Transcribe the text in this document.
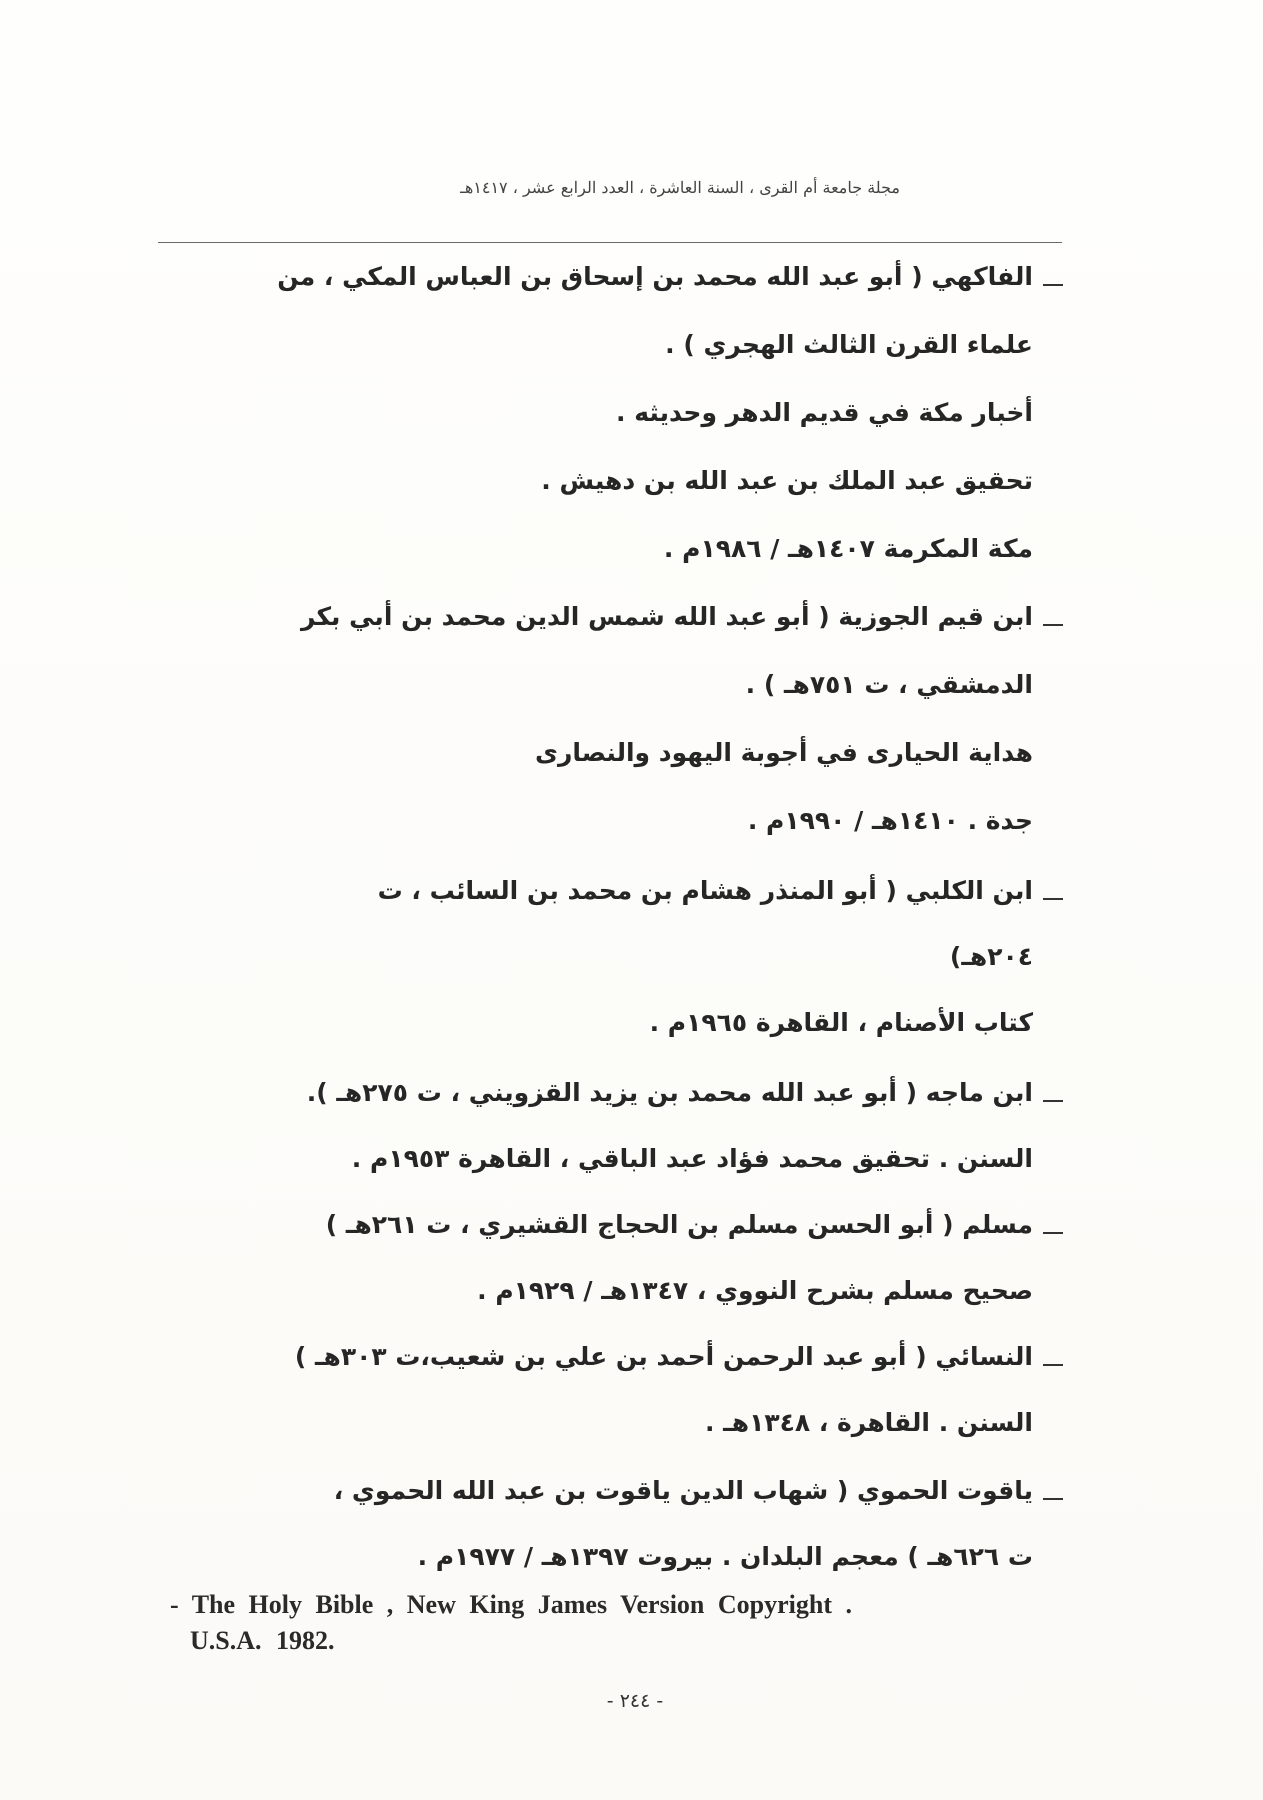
مجلة جامعة أم القرى ، السنة العاشرة ، العدد الرابع عشر ، ١٤١٧هـ
الفاكهي ( أبو عبد الله محمد بن إسحاق بن العباس المكي ، من
علماء القرن الثالث الهجري ) .
أخبار مكة في قديم الدهر وحديثه .
تحقيق عبد الملك بن عبد الله بن دهيش .
مكة المكرمة ١٤٠٧هـ / ١٩٨٦م .
ابن قيم الجوزية ( أبو عبد الله شمس الدين محمد بن أبي بكر
الدمشقي ، ت ٧٥١هـ ) .
هداية الحيارى في أجوبة اليهود والنصارى
جدة . ١٤١٠هـ / ١٩٩٠م .
ابن الكلبي ( أبو المنذر هشام بن محمد بن السائب ، ت
٢٠٤هـ)
كتاب الأصنام ، القاهرة ١٩٦٥م .
ابن ماجه ( أبو عبد الله محمد بن يزيد القزويني ، ت ٢٧٥هـ ).
السنن . تحقيق محمد فؤاد عبد الباقي ، القاهرة ١٩٥٣م .
مسلم ( أبو الحسن مسلم بن الحجاج القشيري ، ت ٢٦١هـ )
صحيح مسلم بشرح النووي ، ١٣٤٧هـ / ١٩٢٩م .
النسائي ( أبو عبد الرحمن أحمد بن علي بن شعيب،ت ٣٠٣هـ )
السنن . القاهرة ، ١٣٤٨هـ .
ياقوت الحموي ( شهاب الدين ياقوت بن عبد الله الحموي ،
ت ٦٢٦هـ ) معجم البلدان . بيروت ١٣٩٧هـ / ١٩٧٧م .
- The Holy Bible , New King James Version Copyright .
U.S.A. 1982.
- ٢٤٤ -
